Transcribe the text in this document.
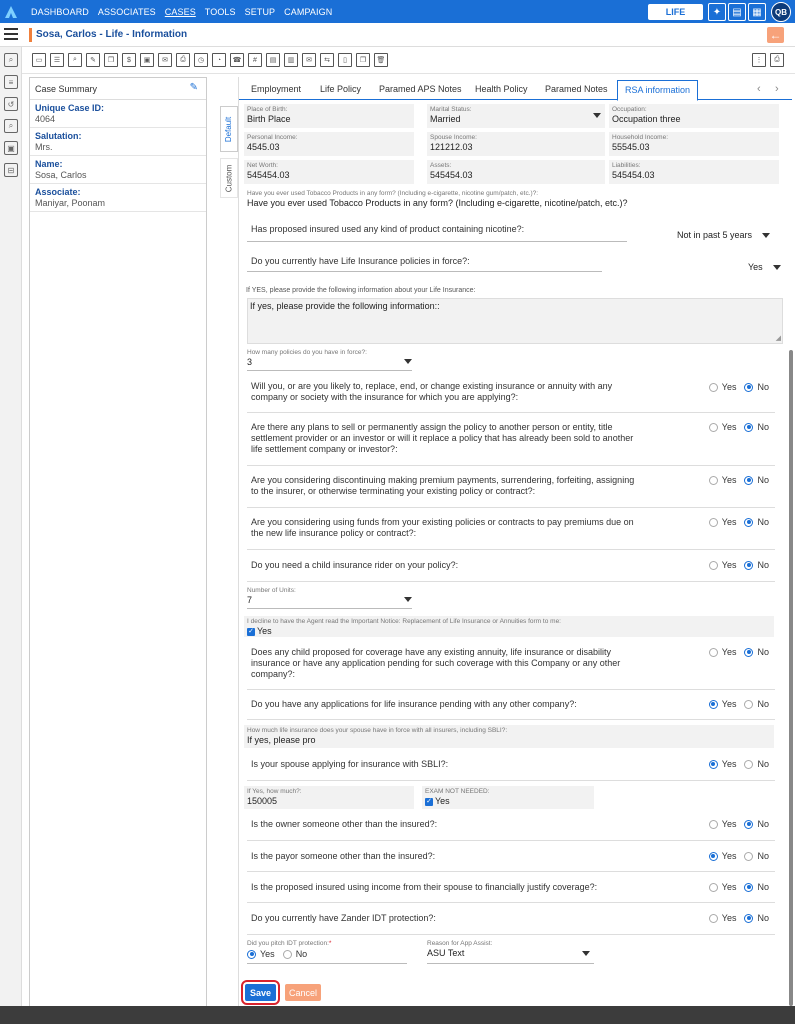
DASHBOARD ASSOCIATES CASES TOOLS SETUP CAMPAIGN	LIFE	✦	▤	▦	QB
Sosa, Carlos - Life - Information	←
⌕
≡
↺
⌕
▣
⊟
▭	☰	⌕	✎	❐	$	▣	✉	⎙	◷	◔	☎	#	▤	▥	✉	⇆	▯	❐	🗑	⋮	⎙
Case Summary	✎
Unique Case ID:
4064
Salutation:
Mrs.
Name:
Sosa, Carlos
Associate:
Maniyar, Poonam
Default
Custom
Employment Life Policy Paramed APS Notes Health Policy Paramed Notes	RSA information	‹ ›
Place of Birth:
Birth Place
Marital Status:
Married
Occupation:
Occupation three
Personal Income:
4545.03
Spouse Income:
121212.03
Household Income:
55545.03
Net Worth:
545454.03
Assets:
545454.03
Liabilities:
545454.03
Have you ever used Tobacco Products in any form? (Including e-cigarette, nicotine gum/patch, etc.)?:
Have you ever used Tobacco Products in any form? (Including e-cigarette, nicotine/patch, etc.)?
Has proposed insured used any kind of product containing nicotine?:
Not in past 5 years
Do you currently have Life Insurance policies in force?:
Yes
If YES, please provide the following information about your Life Insurance:
If yes, please provide the following information::
◢
How many policies do you have in force?:
3
Will you, or are you likely to, replace, end, or change existing insurance or annuity with any company or society with the insurance for which you are applying?:
Yes No
Are there any plans to sell or permanently assign the policy to another person or entity, title settlement provider or an investor or will it replace a policy that has already been sold to another life settlement company or investor?:
Yes No
Are you considering discontinuing making premium payments, surrendering, forfeiting, assigning to the insurer, or otherwise terminating your existing policy or contract?:
Yes No
Are you considering using funds from your existing policies or contracts to pay premiums due on the new life insurance policy or contract?:
Yes No
Do you need a child insurance rider on your policy?:	Yes No
Number of Units:
7
I decline to have the Agent read the Important Notice: Replacement of Life Insurance or Annuities form to me:
✓ Yes
Does any child proposed for coverage have any existing annuity, life insurance or disability insurance or have any application pending for such coverage with this Company or any other company?:
Yes No
Do you have any applications for life insurance pending with any other company?:	Yes No
How much life insurance does your spouse have in force with all insurers, including SBLI?:
If yes, please pro
Is your spouse applying for insurance with SBLI?:	Yes No
If Yes, how much?:
150005
EXAM NOT NEEDED:
✓ Yes
Is the owner someone other than the insured?:	Yes No
Is the payor someone other than the insured?:	Yes No
Is the proposed insured using income from their spouse to financially justify coverage?:	Yes No
Do you currently have Zander IDT protection?:	Yes No
Did you pitch IDT protection:*
Yes No
Reason for App Assist:
ASU Text
Save	Cancel
